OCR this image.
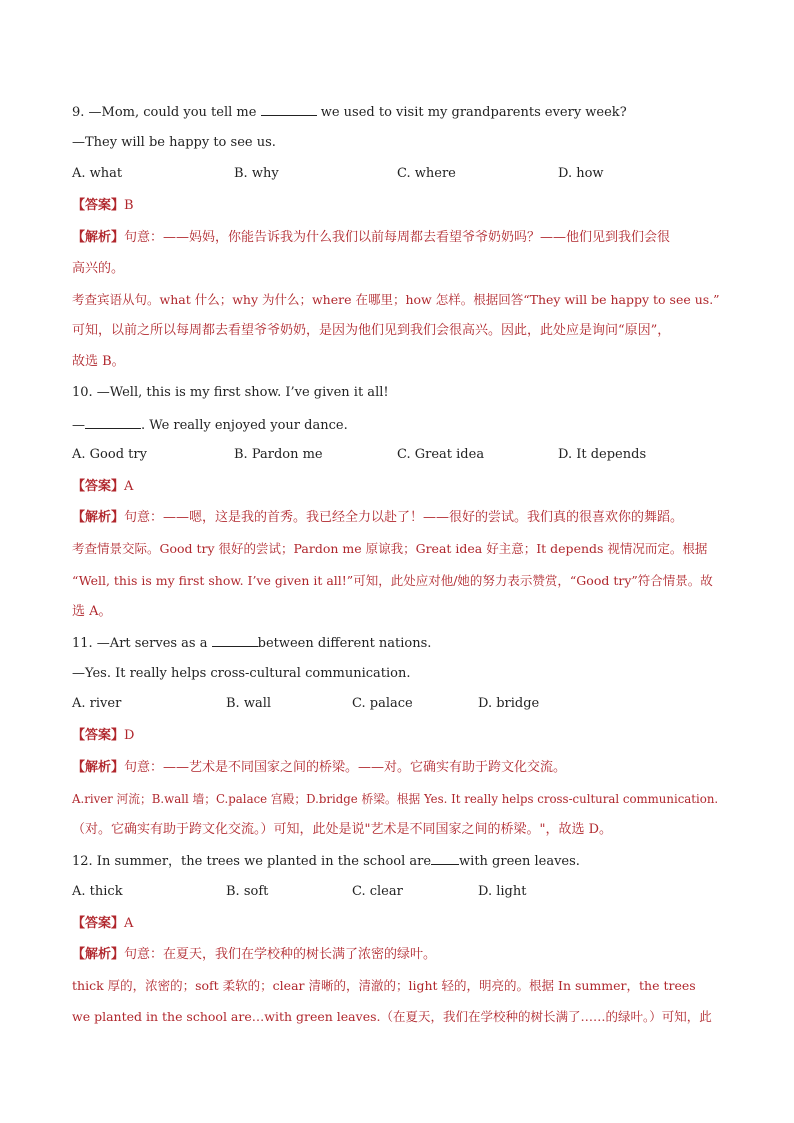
9. —Mom, could you tell me	we used to visit my grandparents every week?
—They will be happy to see us.
A. what	B. why	C. where	D. how
【答案】B
【解析】句意：——妈妈，你能告诉我为什么我们以前每周都去看望爷爷奶奶吗？——他们见到我们会很
高兴的。
考查宾语从句。what 什么；why 为什么；where 在哪里；how 怎样。根据回答“They will be happy to see us.”
可知，以前之所以每周都去看望爷爷奶奶，是因为他们见到我们会很高兴。因此，此处应是询问“原因”，
故选 B。
10. —Well, this is my first show. I’ve given it all!
—	. We really enjoyed your dance.
A. Good try	B. Pardon me	C. Great idea	D. It depends
【答案】A
【解析】句意：——嗯，这是我的首秀。我已经全力以赴了！——很好的尝试。我们真的很喜欢你的舞蹈。
考查情景交际。Good try 很好的尝试；Pardon me 原谅我；Great idea 好主意；It depends 视情况而定。根据
“Well, this is my first show. I’ve given it all!”可知，此处应对他/她的努力表示赞赏，“Good try”符合情景。故
选 A。
11. —Art serves as a	between different nations.
—Yes. It really helps cross-cultural communication.
A. river	B. wall	C. palace	D. bridge
【答案】D
【解析】句意：——艺术是不同国家之间的桥梁。——对。它确实有助于跨文化交流。
A.river 河流；B.wall 墙；C.palace 宫殿；D.bridge 桥梁。根据 Yes. It really helps cross-cultural communication.
（对。它确实有助于跨文化交流。）可知，此处是说"艺术是不同国家之间的桥梁。"，故选 D。
12. In summer，the trees we planted in the school are with green leaves.
A. thick	B. soft	C. clear	D. light
【答案】A
【解析】句意：在夏天，我们在学校种的树长满了浓密的绿叶。
thick 厚的，浓密的；soft 柔软的；clear 清晰的，清澈的；light 轻的，明亮的。根据 In summer，the trees
we planted in the school are…with green leaves.（在夏天，我们在学校种的树长满了……的绿叶。）可知，此
